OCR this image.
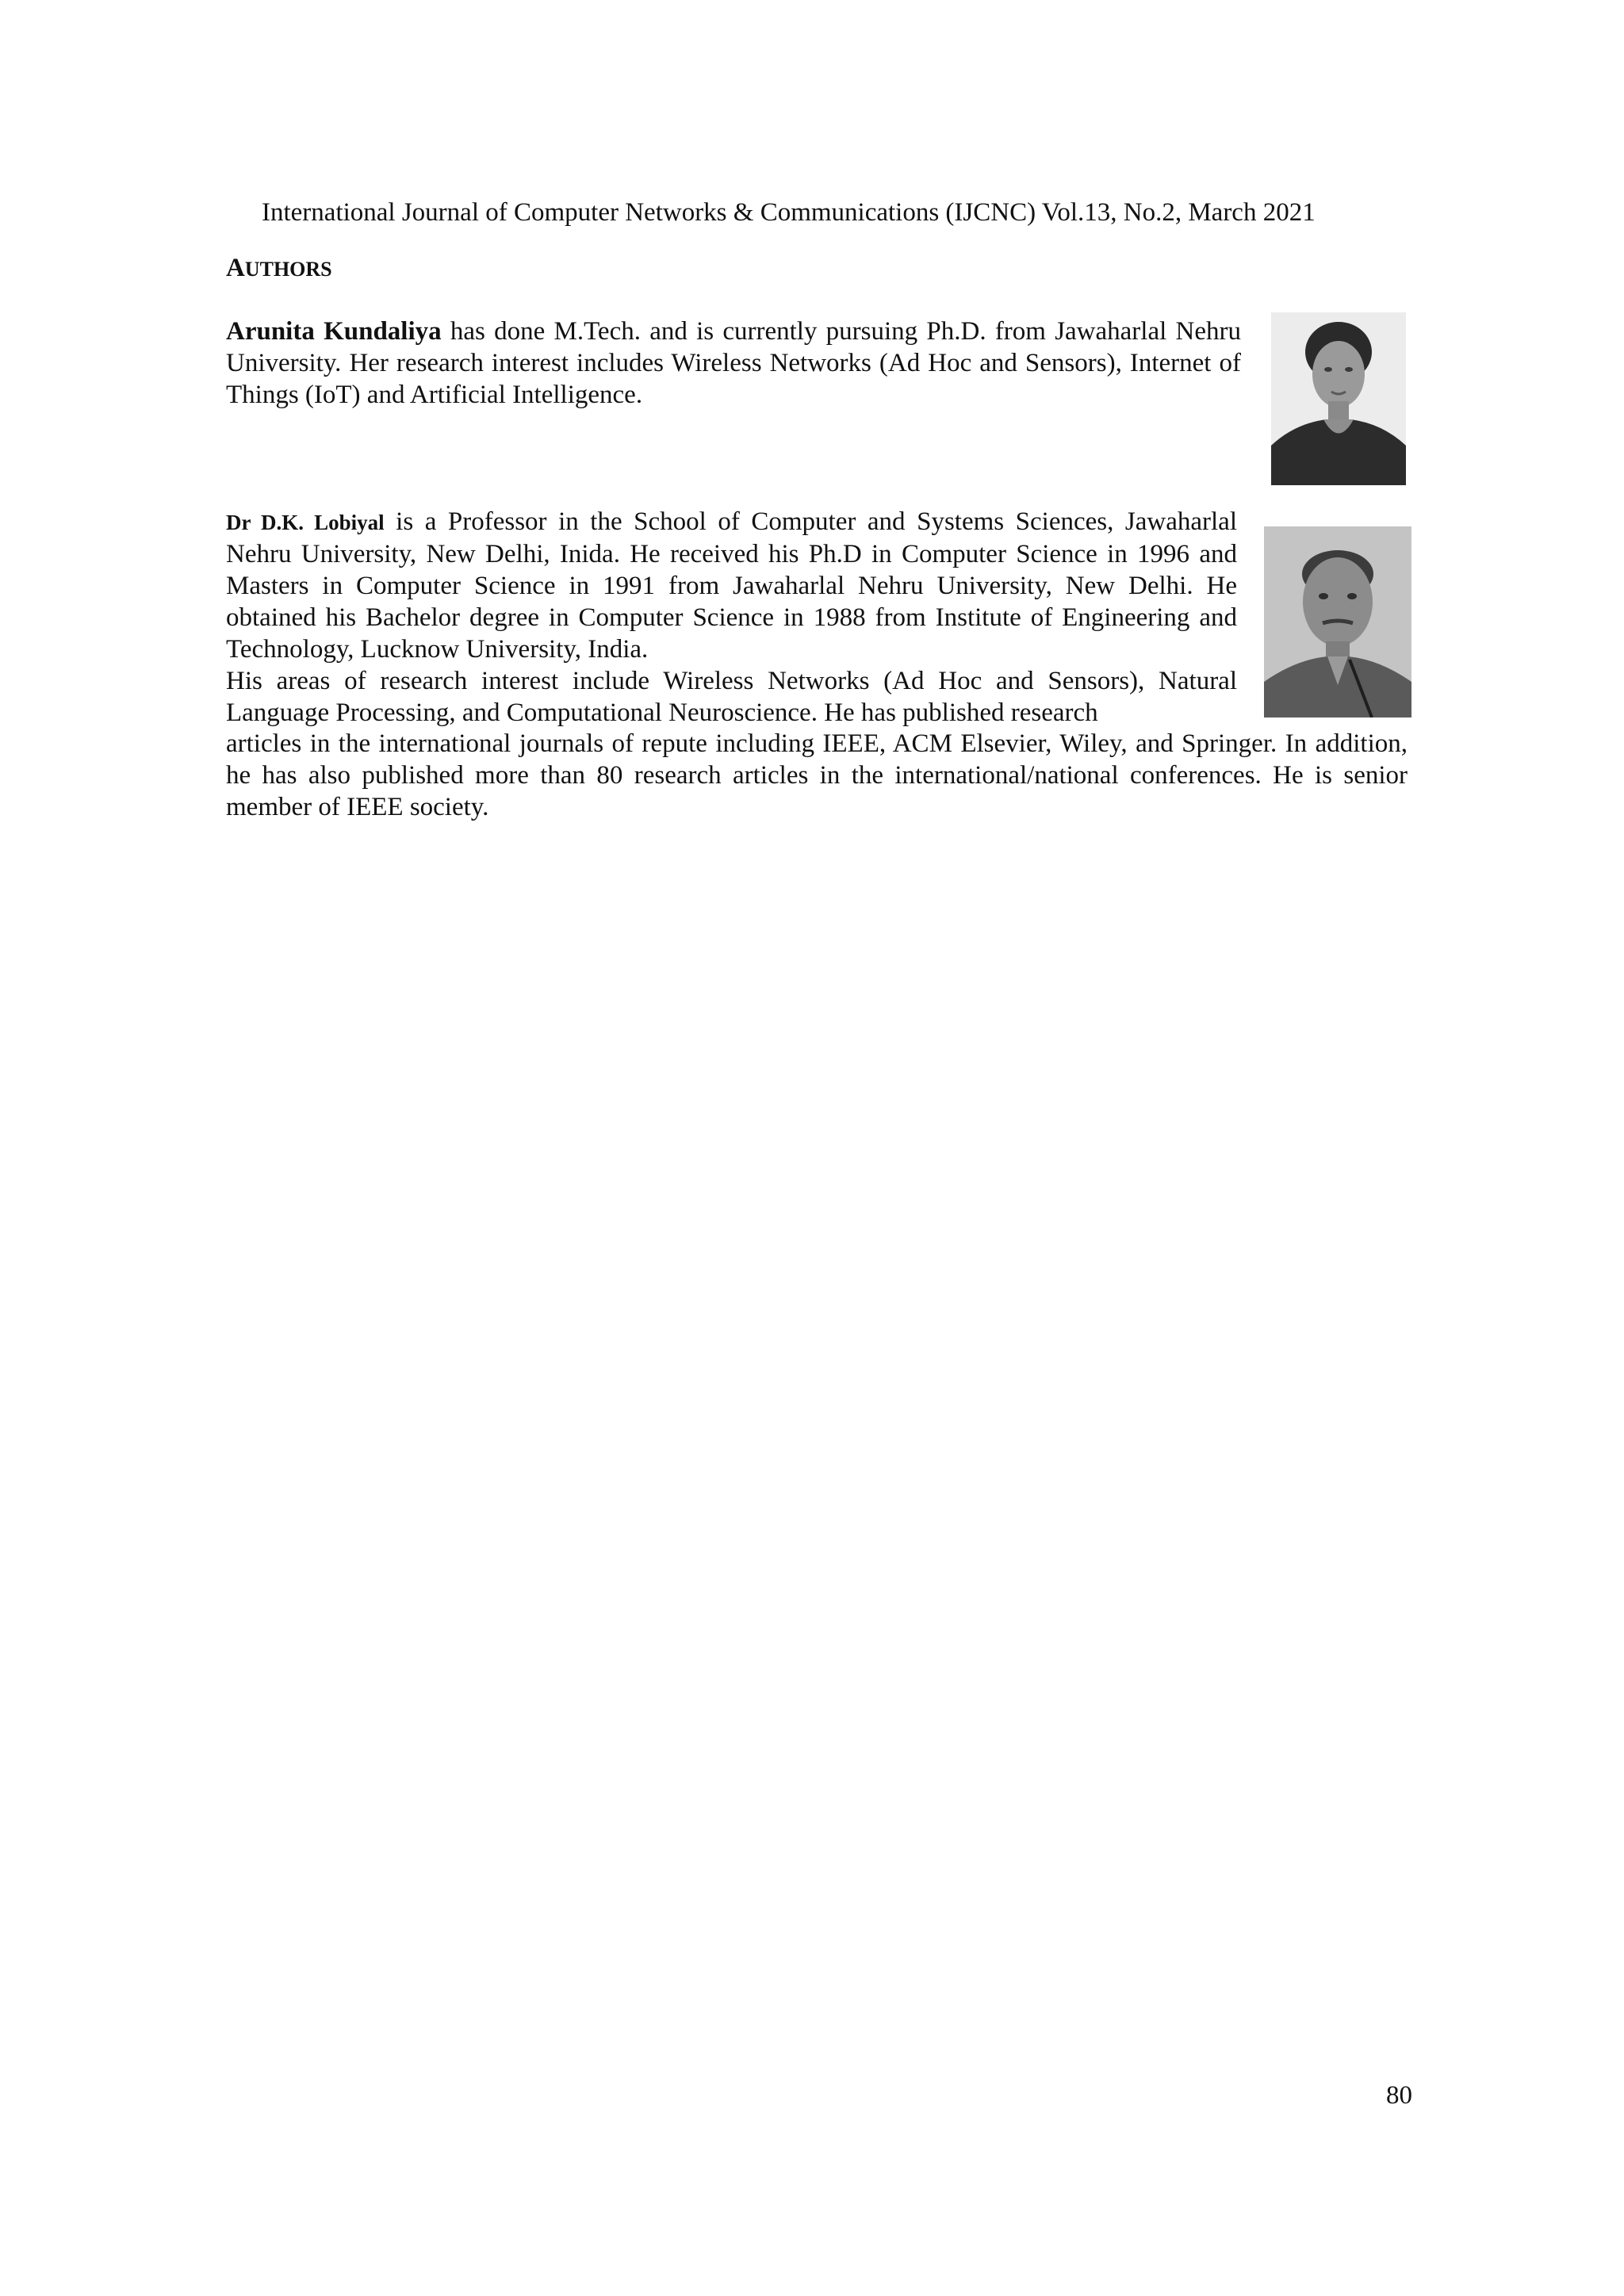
International Journal of Computer Networks & Communications (IJCNC) Vol.13, No.2, March 2021
AUTHORS

Arunita Kundaliya has done M.Tech. and is currently pursuing Ph.D. from Jawaharlal Nehru University. Her research interest includes Wireless Networks (Ad Hoc and Sensors), Internet of Things (IoT) and Artificial Intelligence.

Dr D.K. Lobiyal is a Professor in the School of Computer and Systems Sciences, Jawaharlal Nehru University, New Delhi, Inida. He received his Ph.D in Computer Science in 1996 and Masters in Computer Science in 1991 from Jawaharlal Nehru University, New Delhi. He obtained his Bachelor degree in Computer Science in 1988 from Institute of Engineering and Technology, Lucknow University, India.

His areas of research interest include Wireless Networks (Ad Hoc and Sensors), Natural Language Processing, and Computational Neuroscience. He has published research

articles in the international journals of repute including IEEE, ACM Elsevier, Wiley, and Springer. In addition, he has also published more than 80 research articles in the international/national conferences. He is senior member of IEEE society.

80
